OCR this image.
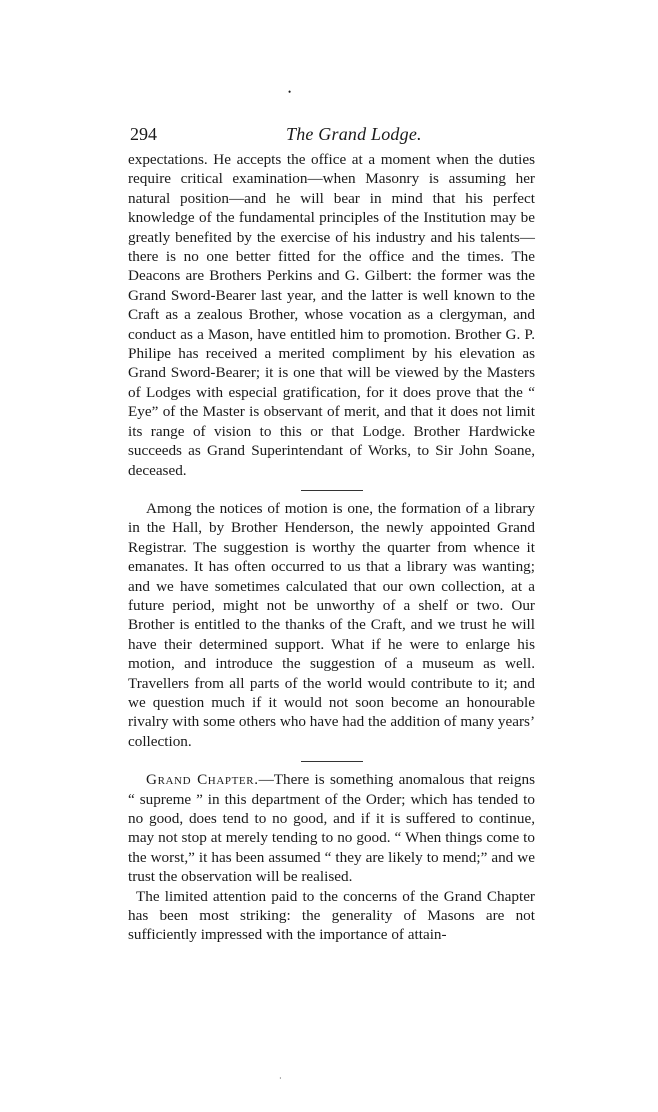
•
294	The Grand Lodge.

expectations. He accepts the office at a moment when the duties require critical examination—when Masonry is assuming her natural position—and he will bear in mind that his perfect knowledge of the fundamental principles of the Institution may be greatly benefited by the exercise of his industry and his talents—there is no one better fitted for the office and the times. The Deacons are Brothers Perkins and G. Gilbert: the former was the Grand Sword-Bearer last year, and the latter is well known to the Craft as a zealous Brother, whose vocation as a clergyman, and conduct as a Mason, have entitled him to promotion. Brother G. P. Philipe has received a merited compliment by his elevation as Grand Sword-Bearer; it is one that will be viewed by the Masters of Lodges with especial gratification, for it does prove that the “ Eye” of the Master is observant of merit, and that it does not limit its range of vision to this or that Lodge. Brother Hardwicke succeeds as Grand Superintendant of Works, to Sir John Soane, deceased.

Among the notices of motion is one, the formation of a library in the Hall, by Brother Henderson, the newly appointed Grand Registrar. The suggestion is worthy the quarter from whence it emanates. It has often occurred to us that a library was wanting; and we have sometimes calculated that our own collection, at a future period, might not be unworthy of a shelf or two. Our Brother is entitled to the thanks of the Craft, and we trust he will have their determined support. What if he were to enlarge his motion, and introduce the suggestion of a museum as well. Travellers from all parts of the world would contribute to it; and we question much if it would not soon become an honourable rivalry with some others who have had the addition of many years’ collection.

Grand Chapter.—There is something anomalous that reigns “ supreme ” in this department of the Order; which has tended to no good, does tend to no good, and if it is suffered to continue, may not stop at merely tending to no good. “ When things come to the worst,” it has been assumed “ they are likely to mend;” and we trust the observation will be realised.

The limited attention paid to the concerns of the Grand Chapter has been most striking: the generality of Masons are not sufficiently impressed with the importance of attain-

·
